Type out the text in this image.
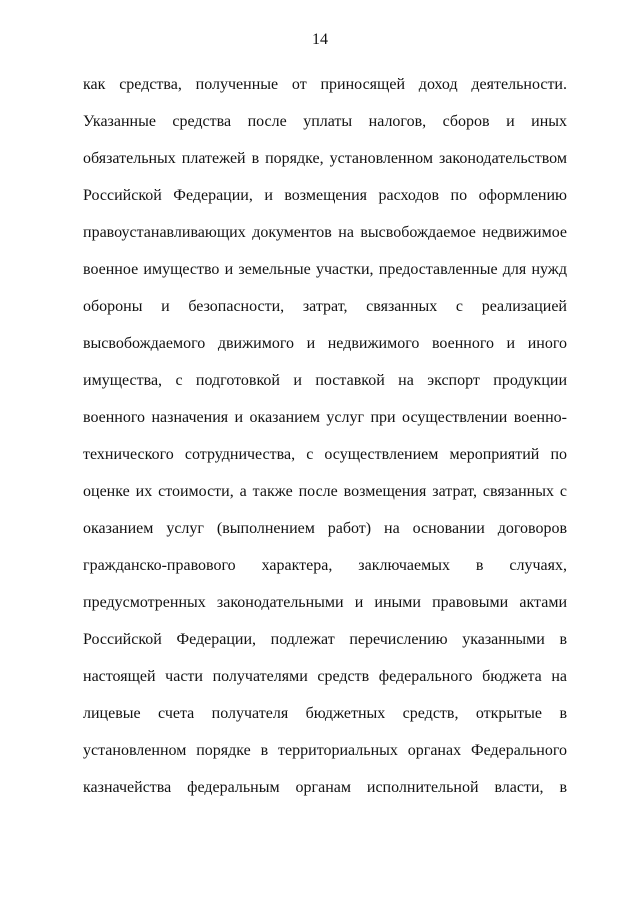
14
как средства, полученные от приносящей доход деятельности.
Указанные средства после уплаты налогов, сборов и иных
обязательных платежей в порядке, установленном законодательством
Российской Федерации, и возмещения расходов по оформлению
правоустанавливающих документов на высвобождаемое недвижимое
военное имущество и земельные участки, предоставленные для нужд
обороны и безопасности, затрат, связанных с реализацией
высвобождаемого движимого и недвижимого военного и иного
имущества, с подготовкой и поставкой на экспорт продукции
военного назначения и оказанием услуг при осуществлении военно-
технического сотрудничества, с осуществлением мероприятий по
оценке их стоимости, а также после возмещения затрат, связанных с
оказанием услуг (выполнением работ) на основании договоров
гражданско-правового характера, заключаемых в случаях,
предусмотренных законодательными и иными правовыми актами
Российской Федерации, подлежат перечислению указанными в
настоящей части получателями средств федерального бюджета на
лицевые счета получателя бюджетных средств, открытые в
установленном порядке в территориальных органах Федерального
казначейства федеральным органам исполнительной власти, в
